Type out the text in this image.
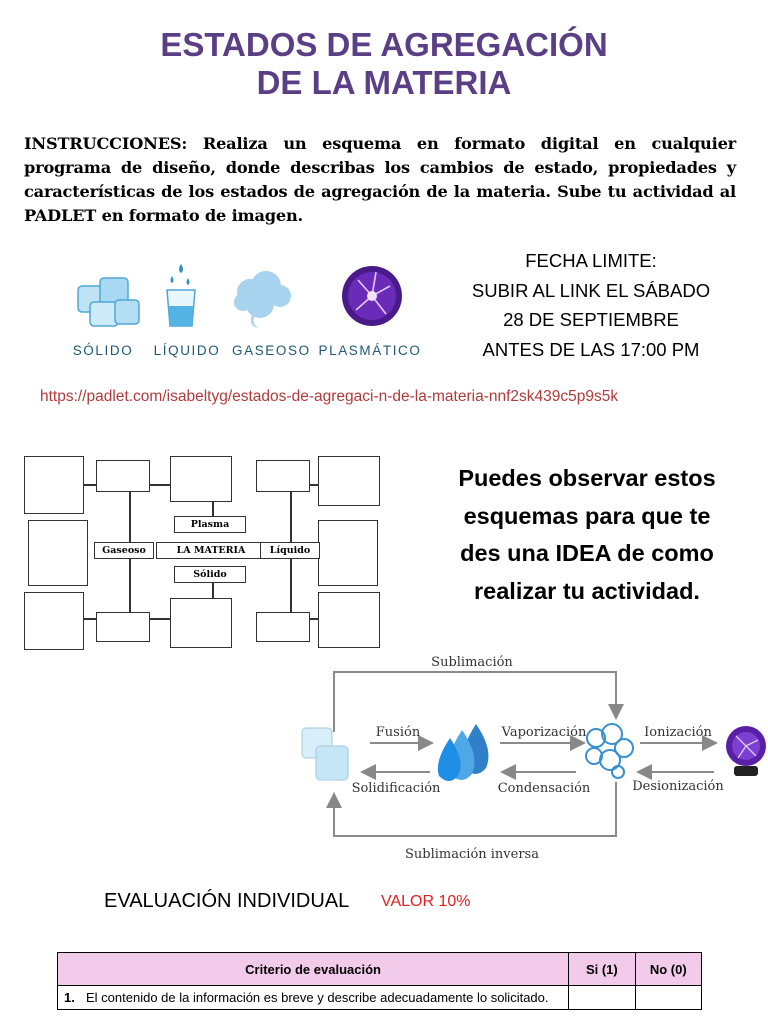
ESTADOS DE AGREGACIÓN
DE LA MATERIA
INSTRUCCIONES: Realiza un esquema en formato digital en cualquier programa de diseño, donde describas los cambios de estado, propiedades y características de los estados de agregación de la materia. Sube tu actividad al PADLET en formato de imagen.
SÓLIDO LÍQUIDO GASEOSO PLASMÁTICO
FECHA LIMITE:
SUBIR AL LINK EL SÁBADO
28 DE SEPTIEMBRE
ANTES DE LAS 17:00 PM
https://padlet.com/isabeltyg/estados-de-agregaci-n-de-la-materia-nnf2sk439c5p9s5k
Plasma
LA MATERIA
Sólido
Gaseoso	Líquido
Puedes observar estos
esquemas para que te
des una IDEA de como
realizar tu actividad.
Sublimación
Fusión	Vaporización	Ionización
Solidificación	Condensación	Desionización
Sublimación inversa
EVALUACIÓN INDIVIDUAL VALOR 10%
Criterio de evaluación	Si (1)	No (0)
1. El contenido de la información es breve y describe adecuadamente lo solicitado.		
